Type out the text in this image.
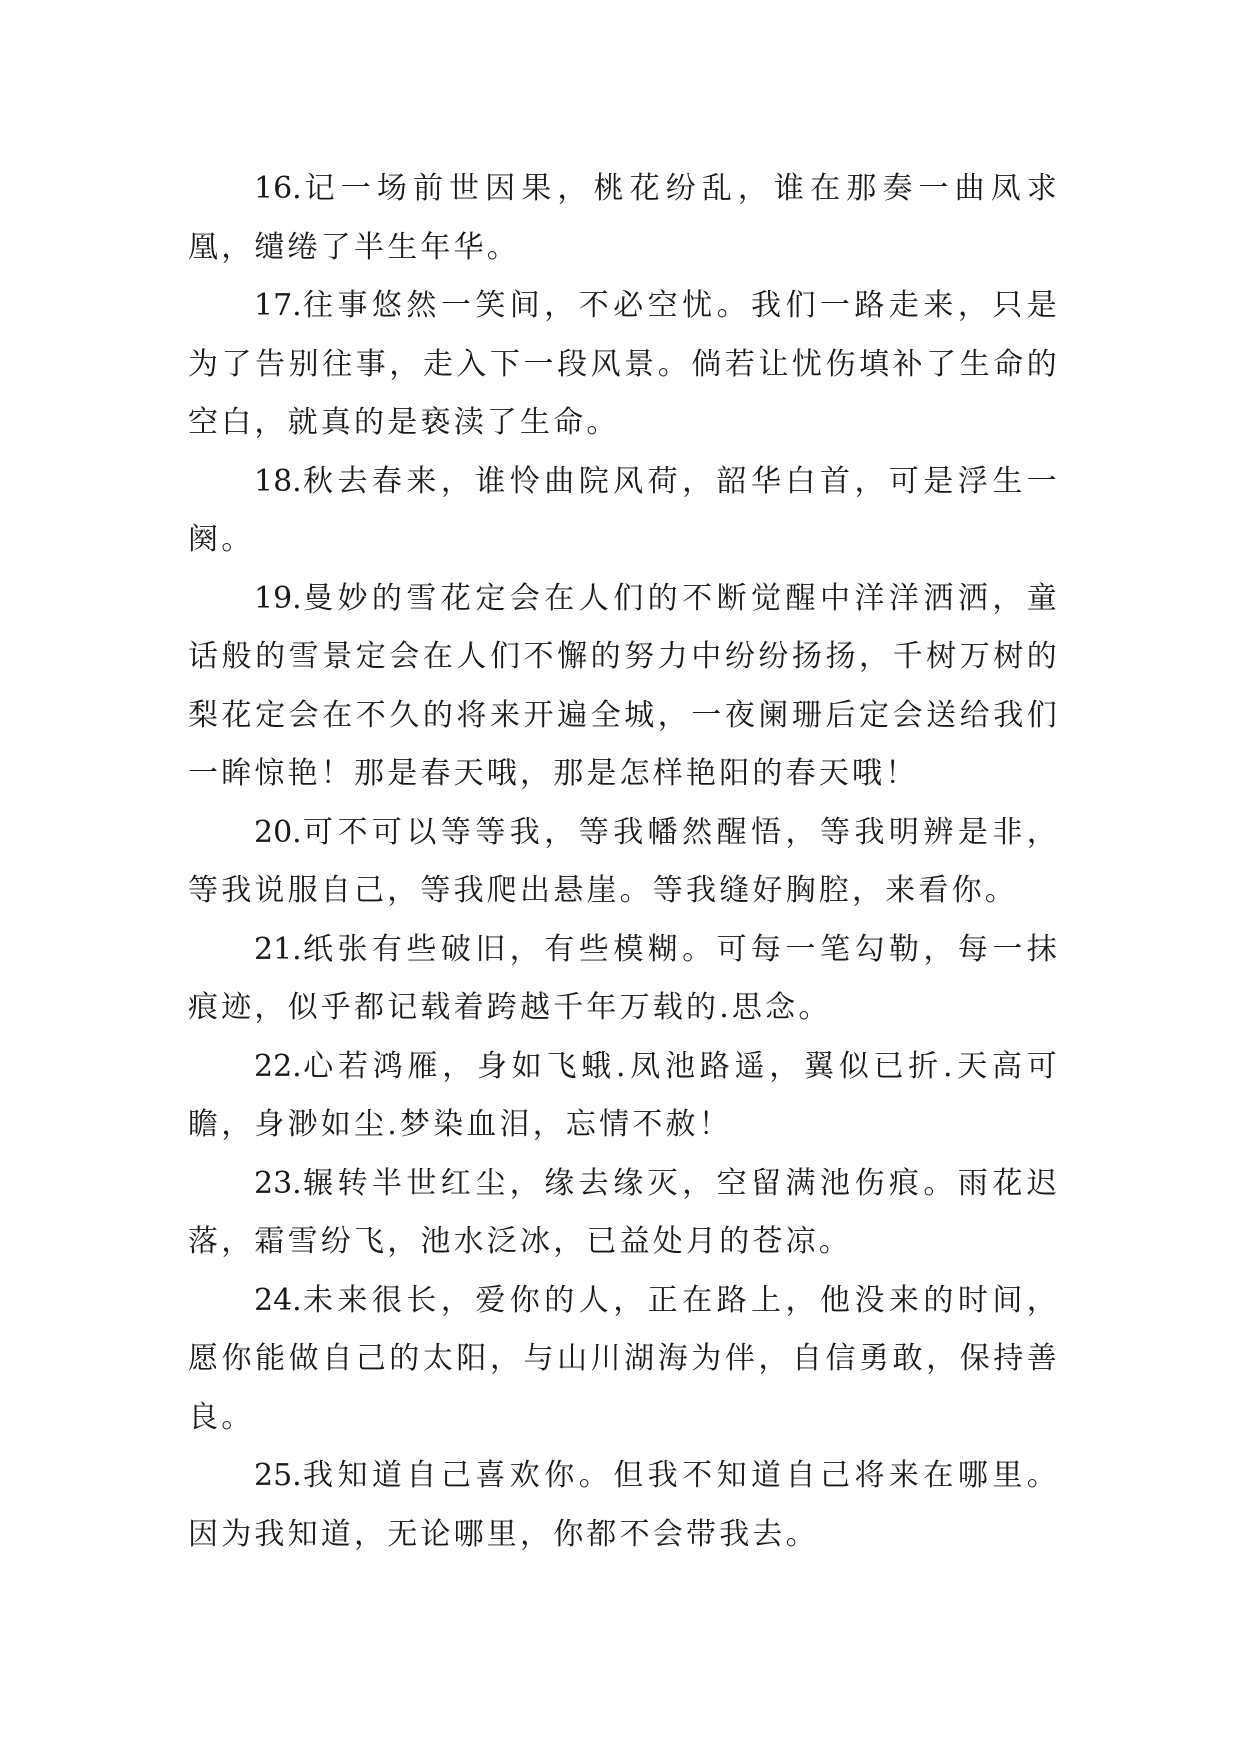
16.记一场前世因果，桃花纷乱，谁在那奏一曲凤求凰，缱绻了半生年华。

17.往事悠然一笑间，不必空忧。我们一路走来，只是为了告别往事，走入下一段风景。倘若让忧伤填补了生命的空白，就真的是亵渎了生命。

18.秋去春来，谁怜曲院风荷，韶华白首，可是浮生一阕。

19.曼妙的雪花定会在人们的不断觉醒中洋洋洒洒，童话般的雪景定会在人们不懈的努力中纷纷扬扬，千树万树的梨花定会在不久的将来开遍全城，一夜阑珊后定会送给我们一眸惊艳！那是春天哦，那是怎样艳阳的春天哦！

20.可不可以等等我，等我幡然醒悟，等我明辨是非，等我说服自己，等我爬出悬崖。等我缝好胸腔，来看你。

21.纸张有些破旧，有些模糊。可每一笔勾勒，每一抹痕迹，似乎都记载着跨越千年万载的.思念。

22.心若鸿雁，身如飞蛾.凤池路遥，翼似已折.天高可瞻，身渺如尘.梦染血泪，忘情不赦！

23.辗转半世红尘，缘去缘灭，空留满池伤痕。雨花迟落，霜雪纷飞，池水泛冰，已益处月的苍凉。

24.未来很长，爱你的人，正在路上，他没来的时间，愿你能做自己的太阳，与山川湖海为伴，自信勇敢，保持善良。

25.我知道自己喜欢你。但我不知道自己将来在哪里。因为我知道，无论哪里，你都不会带我去。
